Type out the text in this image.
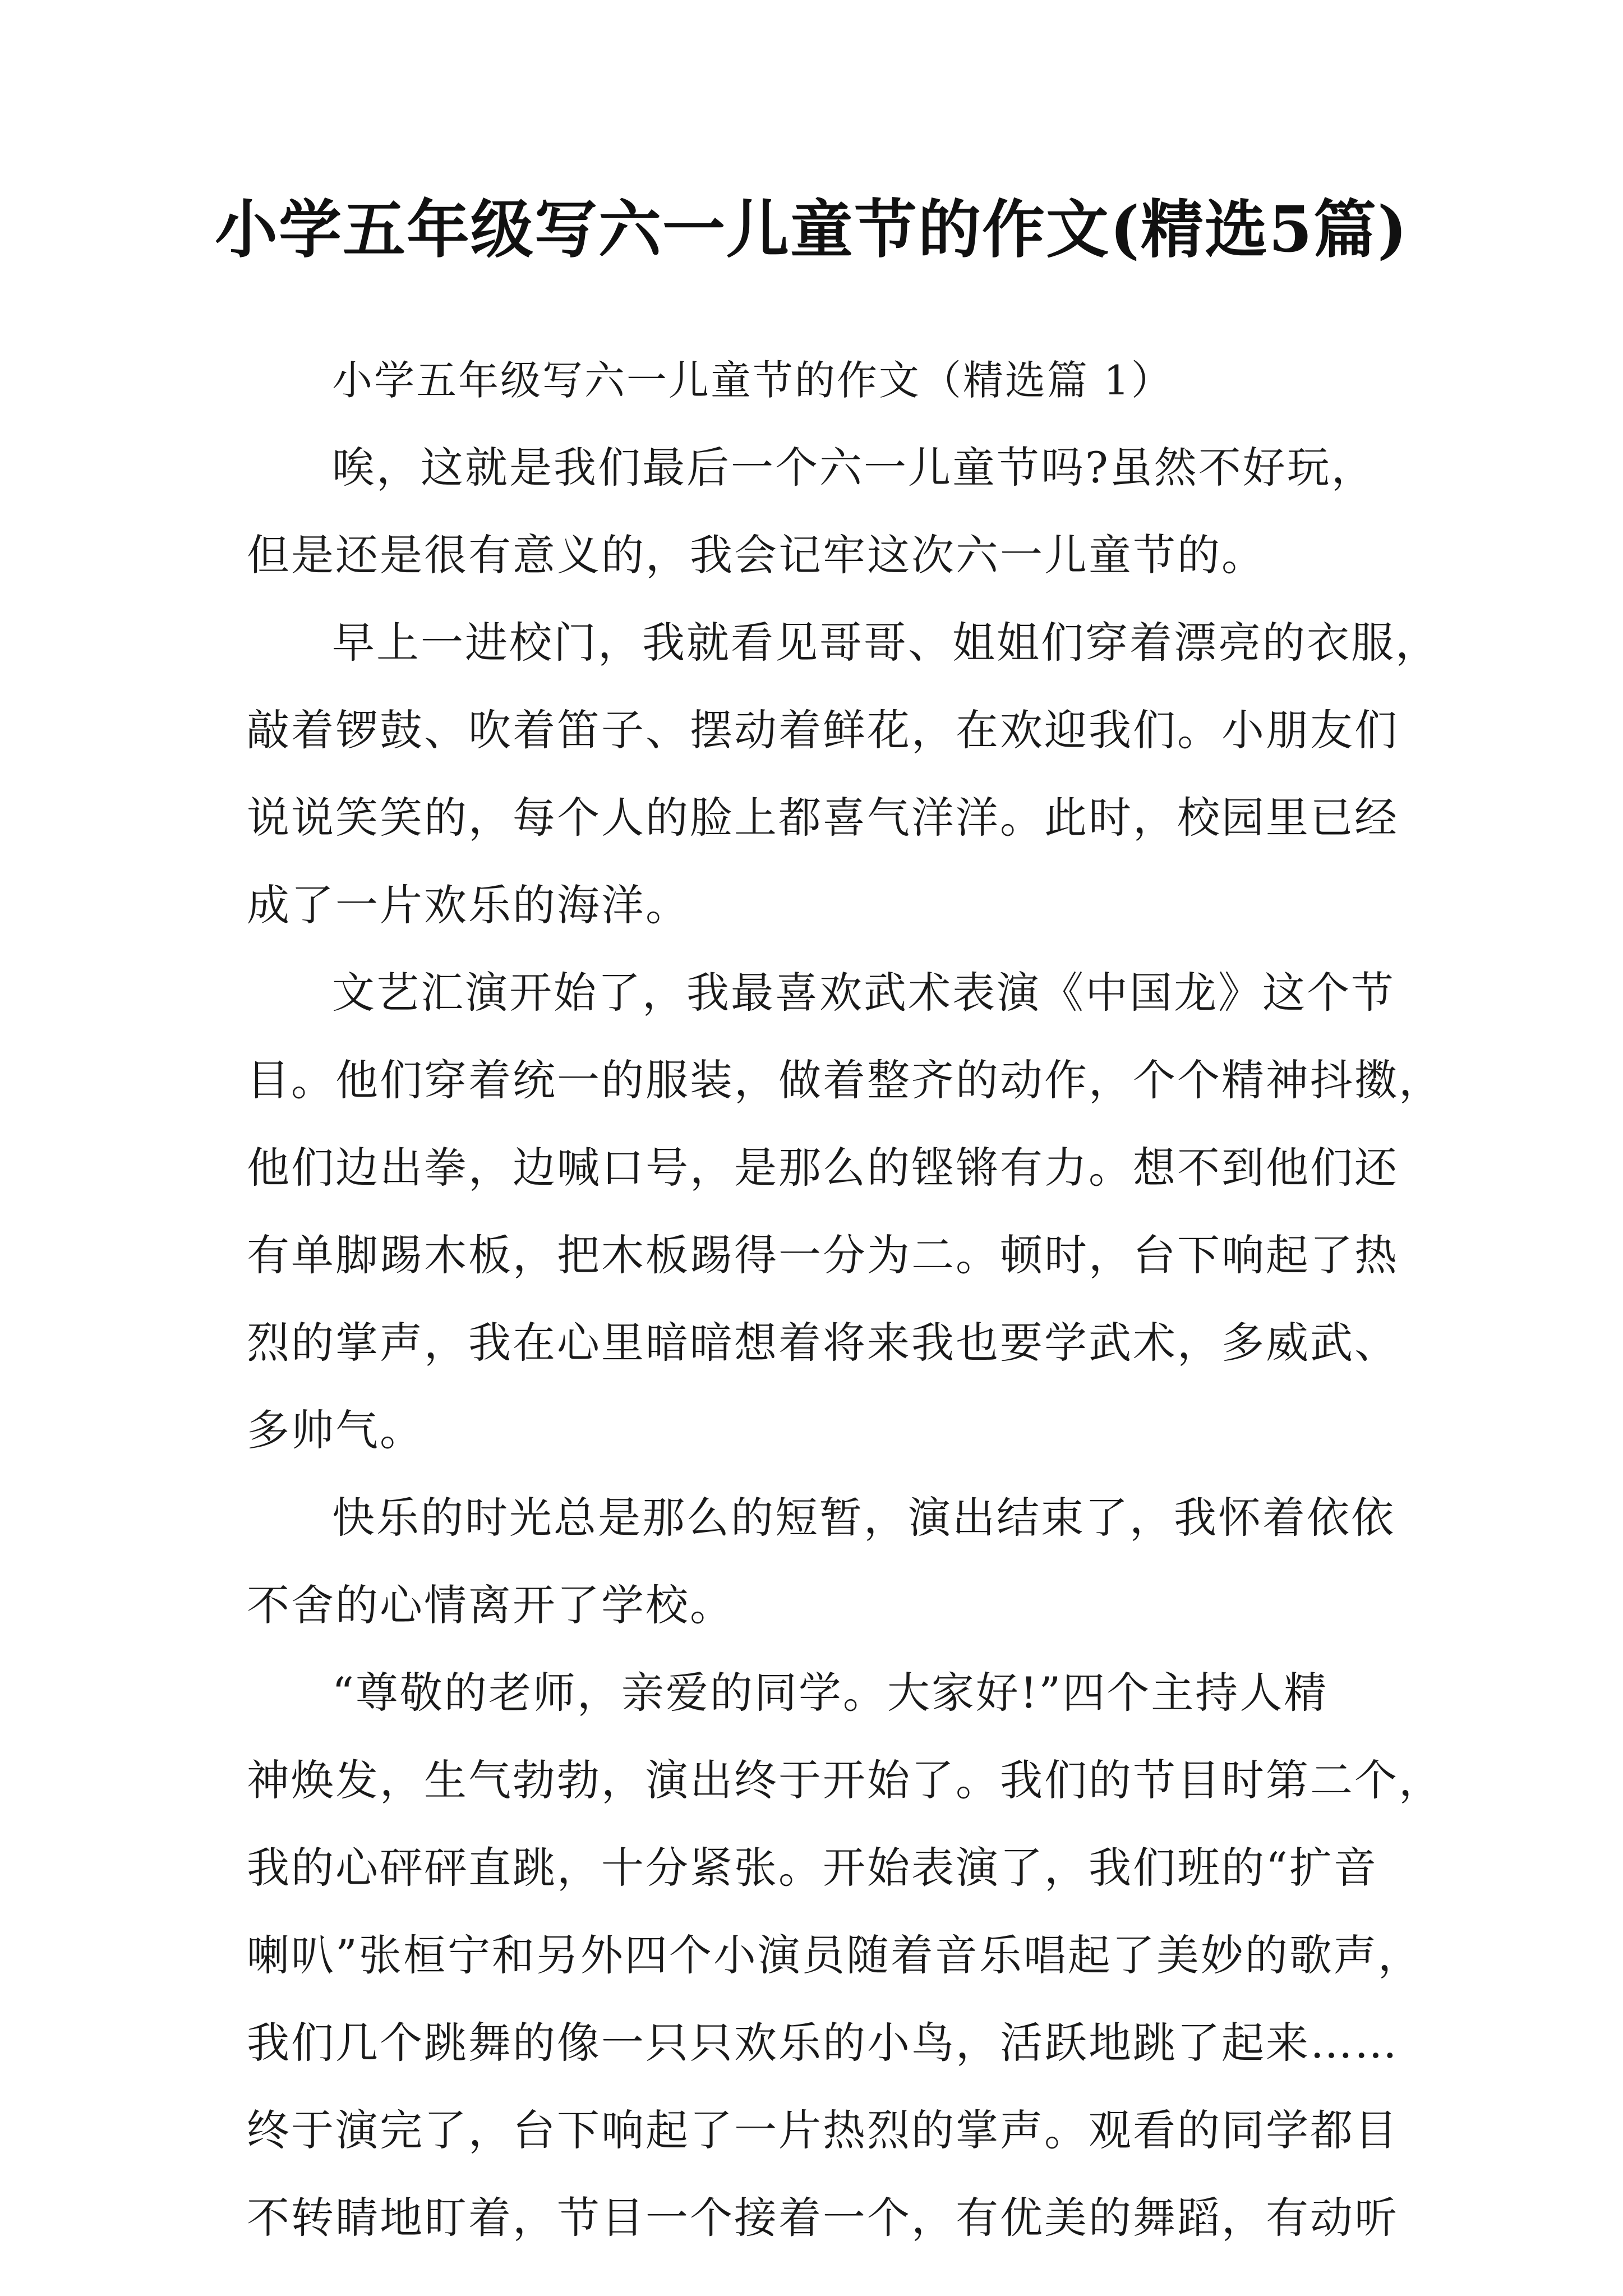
小学五年级写六一儿童节的作文(精选5篇)
小学五年级写六一儿童节的作文（精选篇 1）
唉，这就是我们最后一个六一儿童节吗?虽然不好玩，
但是还是很有意义的，我会记牢这次六一儿童节的。
早上一进校门，我就看见哥哥、姐姐们穿着漂亮的衣服，
敲着锣鼓、吹着笛子、摆动着鲜花，在欢迎我们。小朋友们
说说笑笑的，每个人的脸上都喜气洋洋。此时，校园里已经
成了一片欢乐的海洋。
文艺汇演开始了，我最喜欢武术表演《中国龙》这个节
目。他们穿着统一的服装，做着整齐的动作，个个精神抖擞，
他们边出拳，边喊口号，是那么的铿锵有力。想不到他们还
有单脚踢木板，把木板踢得一分为二。顿时，台下响起了热
烈的掌声，我在心里暗暗想着将来我也要学武术，多威武、
多帅气。
快乐的时光总是那么的短暂，演出结束了，我怀着依依
不舍的心情离开了学校。
“尊敬的老师，亲爱的同学。大家好!”四个主持人精
神焕发，生气勃勃，演出终于开始了。我们的节目时第二个，
我的心砰砰直跳，十分紧张。开始表演了，我们班的“扩音
喇叭”张桓宁和另外四个小演员随着音乐唱起了美妙的歌声，
我们几个跳舞的像一只只欢乐的小鸟，活跃地跳了起来……
终于演完了，台下响起了一片热烈的掌声。观看的同学都目
不转睛地盯着，节目一个接着一个，有优美的舞蹈，有动听
